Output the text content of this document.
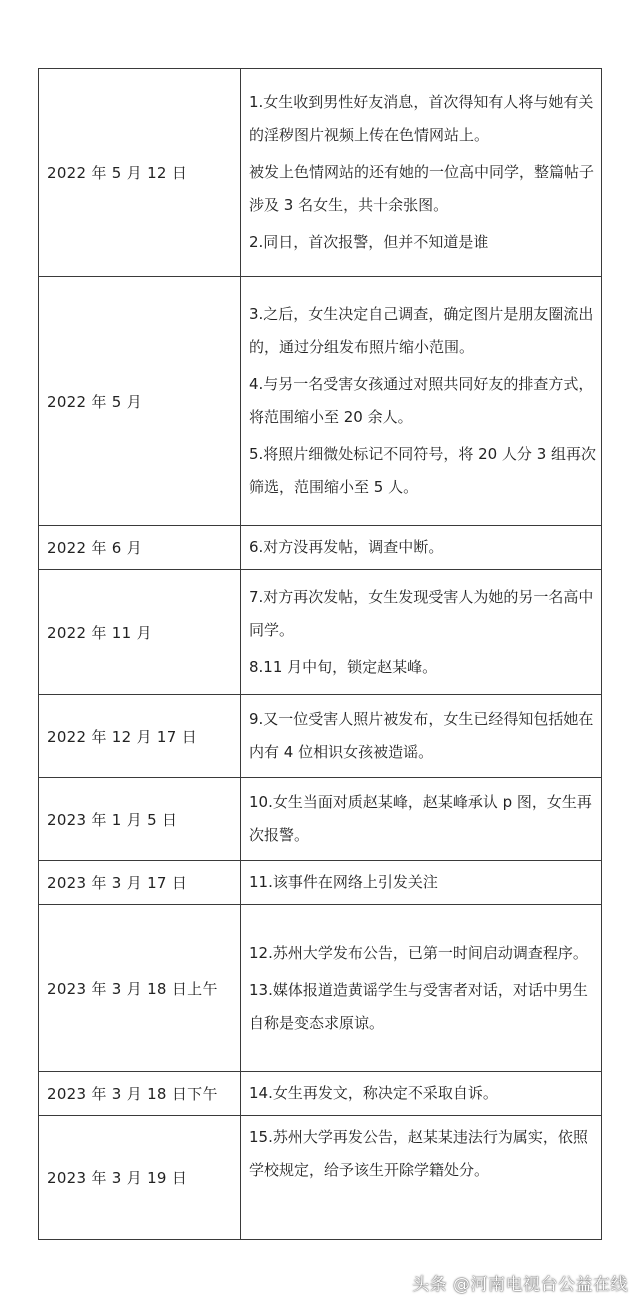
2022 年 5 月 12 日	1.女生收到男性好友消息，首次得知有人将与她有关的淫秽图片视频上传在色情网站上。

被发上色情网站的还有她的一位高中同学，整篇帖子涉及 3 名女生，共十余张图。

2.同日，首次报警，但并不知道是谁

2022 年 5 月	3.之后，女生决定自己调查，确定图片是朋友圈流出的，通过分组发布照片缩小范围。

4.与另一名受害女孩通过对照共同好友的排查方式，将范围缩小至 20 余人。

5.将照片细微处标记不同符号，将 20 人分 3 组再次筛选，范围缩小至 5 人。

2022 年 6 月	6.对方没再发帖，调查中断。

2022 年 11 月	7.对方再次发帖，女生发现受害人为她的另一名高中同学。

8.11 月中旬，锁定赵某峰。

2022 年 12 月 17 日	9.又一位受害人照片被发布，女生已经得知包括她在内有 4 位相识女孩被造谣。

2023 年 1 月 5 日	10.女生当面对质赵某峰，赵某峰承认 p 图，女生再次报警。

2023 年 3 月 17 日	11.该事件在网络上引发关注

2023 年 3 月 18 日上午	12.苏州大学发布公告，已第一时间启动调查程序。

13.媒体报道造黄谣学生与受害者对话，对话中男生自称是变态求原谅。

2023 年 3 月 18 日下午	14.女生再发文，称决定不采取自诉。

2023 年 3 月 19 日	15.苏州大学再发公告，赵某某违法行为属实，依照学校规定，给予该生开除学籍处分。

头条 @河南电视台公益在线
